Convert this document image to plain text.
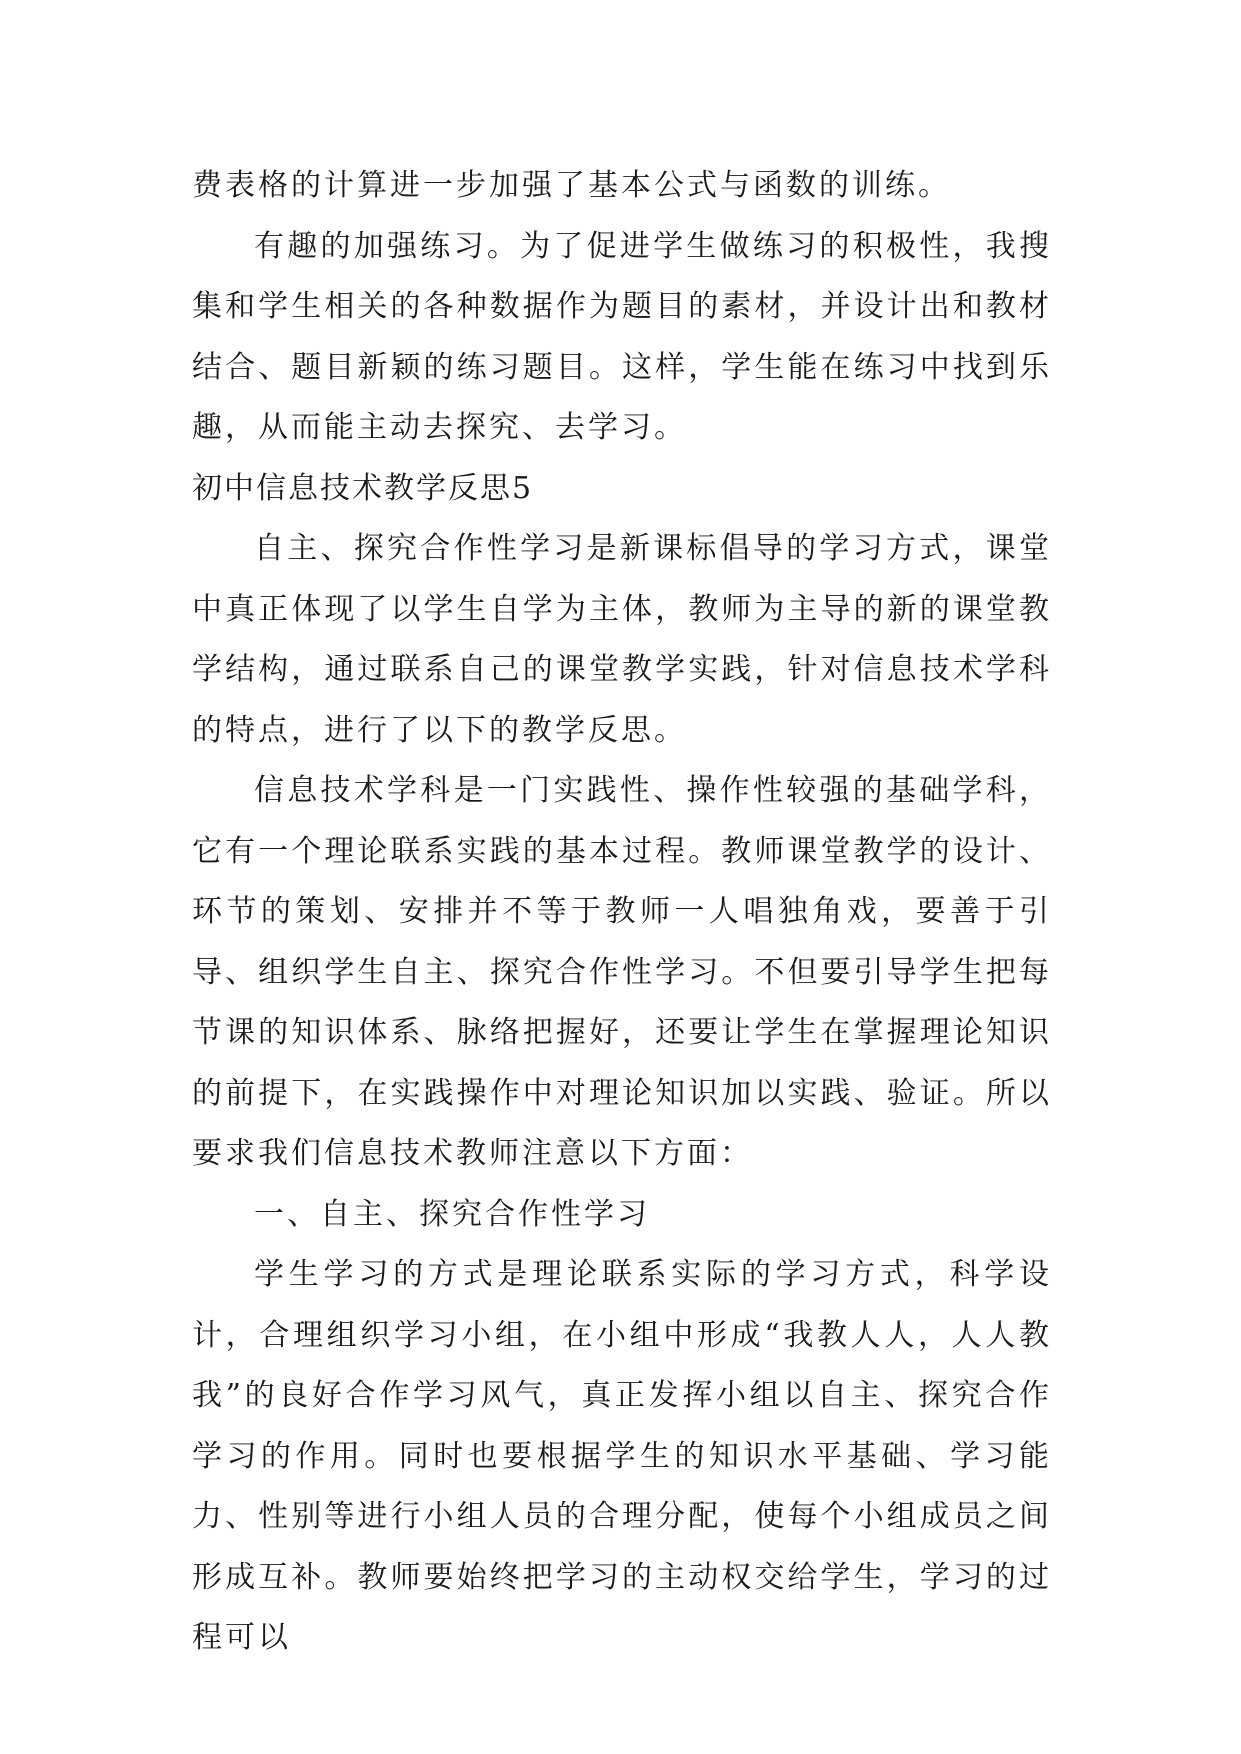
费表格的计算进一步加强了基本公式与函数的训练。

有趣的加强练习。为了促进学生做练习的积极性，我搜集和学生相关的各种数据作为题目的素材，并设计出和教材结合、题目新颖的练习题目。这样，学生能在练习中找到乐趣，从而能主动去探究、去学习。

初中信息技术教学反思5

自主、探究合作性学习是新课标倡导的学习方式，课堂中真正体现了以学生自学为主体，教师为主导的新的课堂教学结构，通过联系自己的课堂教学实践，针对信息技术学科的特点，进行了以下的教学反思。

信息技术学科是一门实践性、操作性较强的基础学科，它有一个理论联系实践的基本过程。教师课堂教学的设计、环节的策划、安排并不等于教师一人唱独角戏，要善于引导、组织学生自主、探究合作性学习。不但要引导学生把每节课的知识体系、脉络把握好，还要让学生在掌握理论知识的前提下，在实践操作中对理论知识加以实践、验证。所以要求我们信息技术教师注意以下方面：

一、自主、探究合作性学习

学生学习的方式是理论联系实际的学习方式，科学设计，合理组织学习小组，在小组中形成“我教人人，人人教我”的良好合作学习风气，真正发挥小组以自主、探究合作学习的作用。同时也要根据学生的知识水平基础、学习能力、性别等进行小组人员的合理分配，使每个小组成员之间形成互补。教师要始终把学习的主动权交给学生，学习的过程可以
